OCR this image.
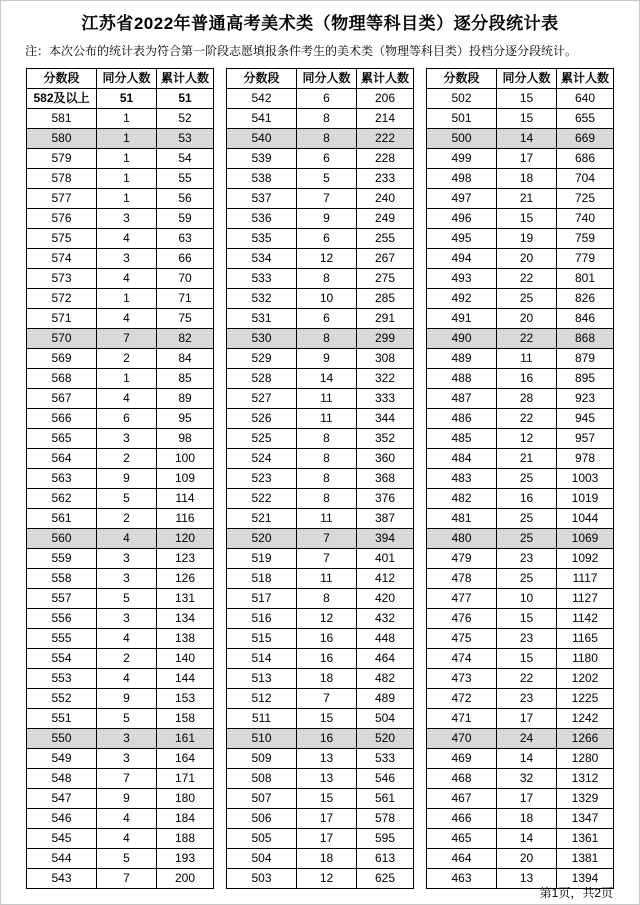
江苏省2022年普通高考美术类（物理等科目类）逐分段统计表
注：本次公布的统计表为符合第一阶段志愿填报条件考生的美术类（物理等科目类）投档分逐分段统计。
分数段	同分人数	累计人数
582及以上	51	51
581	1	52
580	1	53
579	1	54
578	1	55
577	1	56
576	3	59
575	4	63
574	3	66
573	4	70
572	1	71
571	4	75
570	7	82
569	2	84
568	1	85
567	4	89
566	6	95
565	3	98
564	2	100
563	9	109
562	5	114
561	2	116
560	4	120
559	3	123
558	3	126
557	5	131
556	3	134
555	4	138
554	2	140
553	4	144
552	9	153
551	5	158
550	3	161
549	3	164
548	7	171
547	9	180
546	4	184
545	4	188
544	5	193
543	7	200
分数段	同分人数	累计人数
542	6	206
541	8	214
540	8	222
539	6	228
538	5	233
537	7	240
536	9	249
535	6	255
534	12	267
533	8	275
532	10	285
531	6	291
530	8	299
529	9	308
528	14	322
527	11	333
526	11	344
525	8	352
524	8	360
523	8	368
522	8	376
521	11	387
520	7	394
519	7	401
518	11	412
517	8	420
516	12	432
515	16	448
514	16	464
513	18	482
512	7	489
511	15	504
510	16	520
509	13	533
508	13	546
507	15	561
506	17	578
505	17	595
504	18	613
503	12	625
分数段	同分人数	累计人数
502	15	640
501	15	655
500	14	669
499	17	686
498	18	704
497	21	725
496	15	740
495	19	759
494	20	779
493	22	801
492	25	826
491	20	846
490	22	868
489	11	879
488	16	895
487	28	923
486	22	945
485	12	957
484	21	978
483	25	1003
482	16	1019
481	25	1044
480	25	1069
479	23	1092
478	25	1117
477	10	1127
476	15	1142
475	23	1165
474	15	1180
473	22	1202
472	23	1225
471	17	1242
470	24	1266
469	14	1280
468	32	1312
467	17	1329
466	18	1347
465	14	1361
464	20	1381
463	13	1394
第1页，共2页
